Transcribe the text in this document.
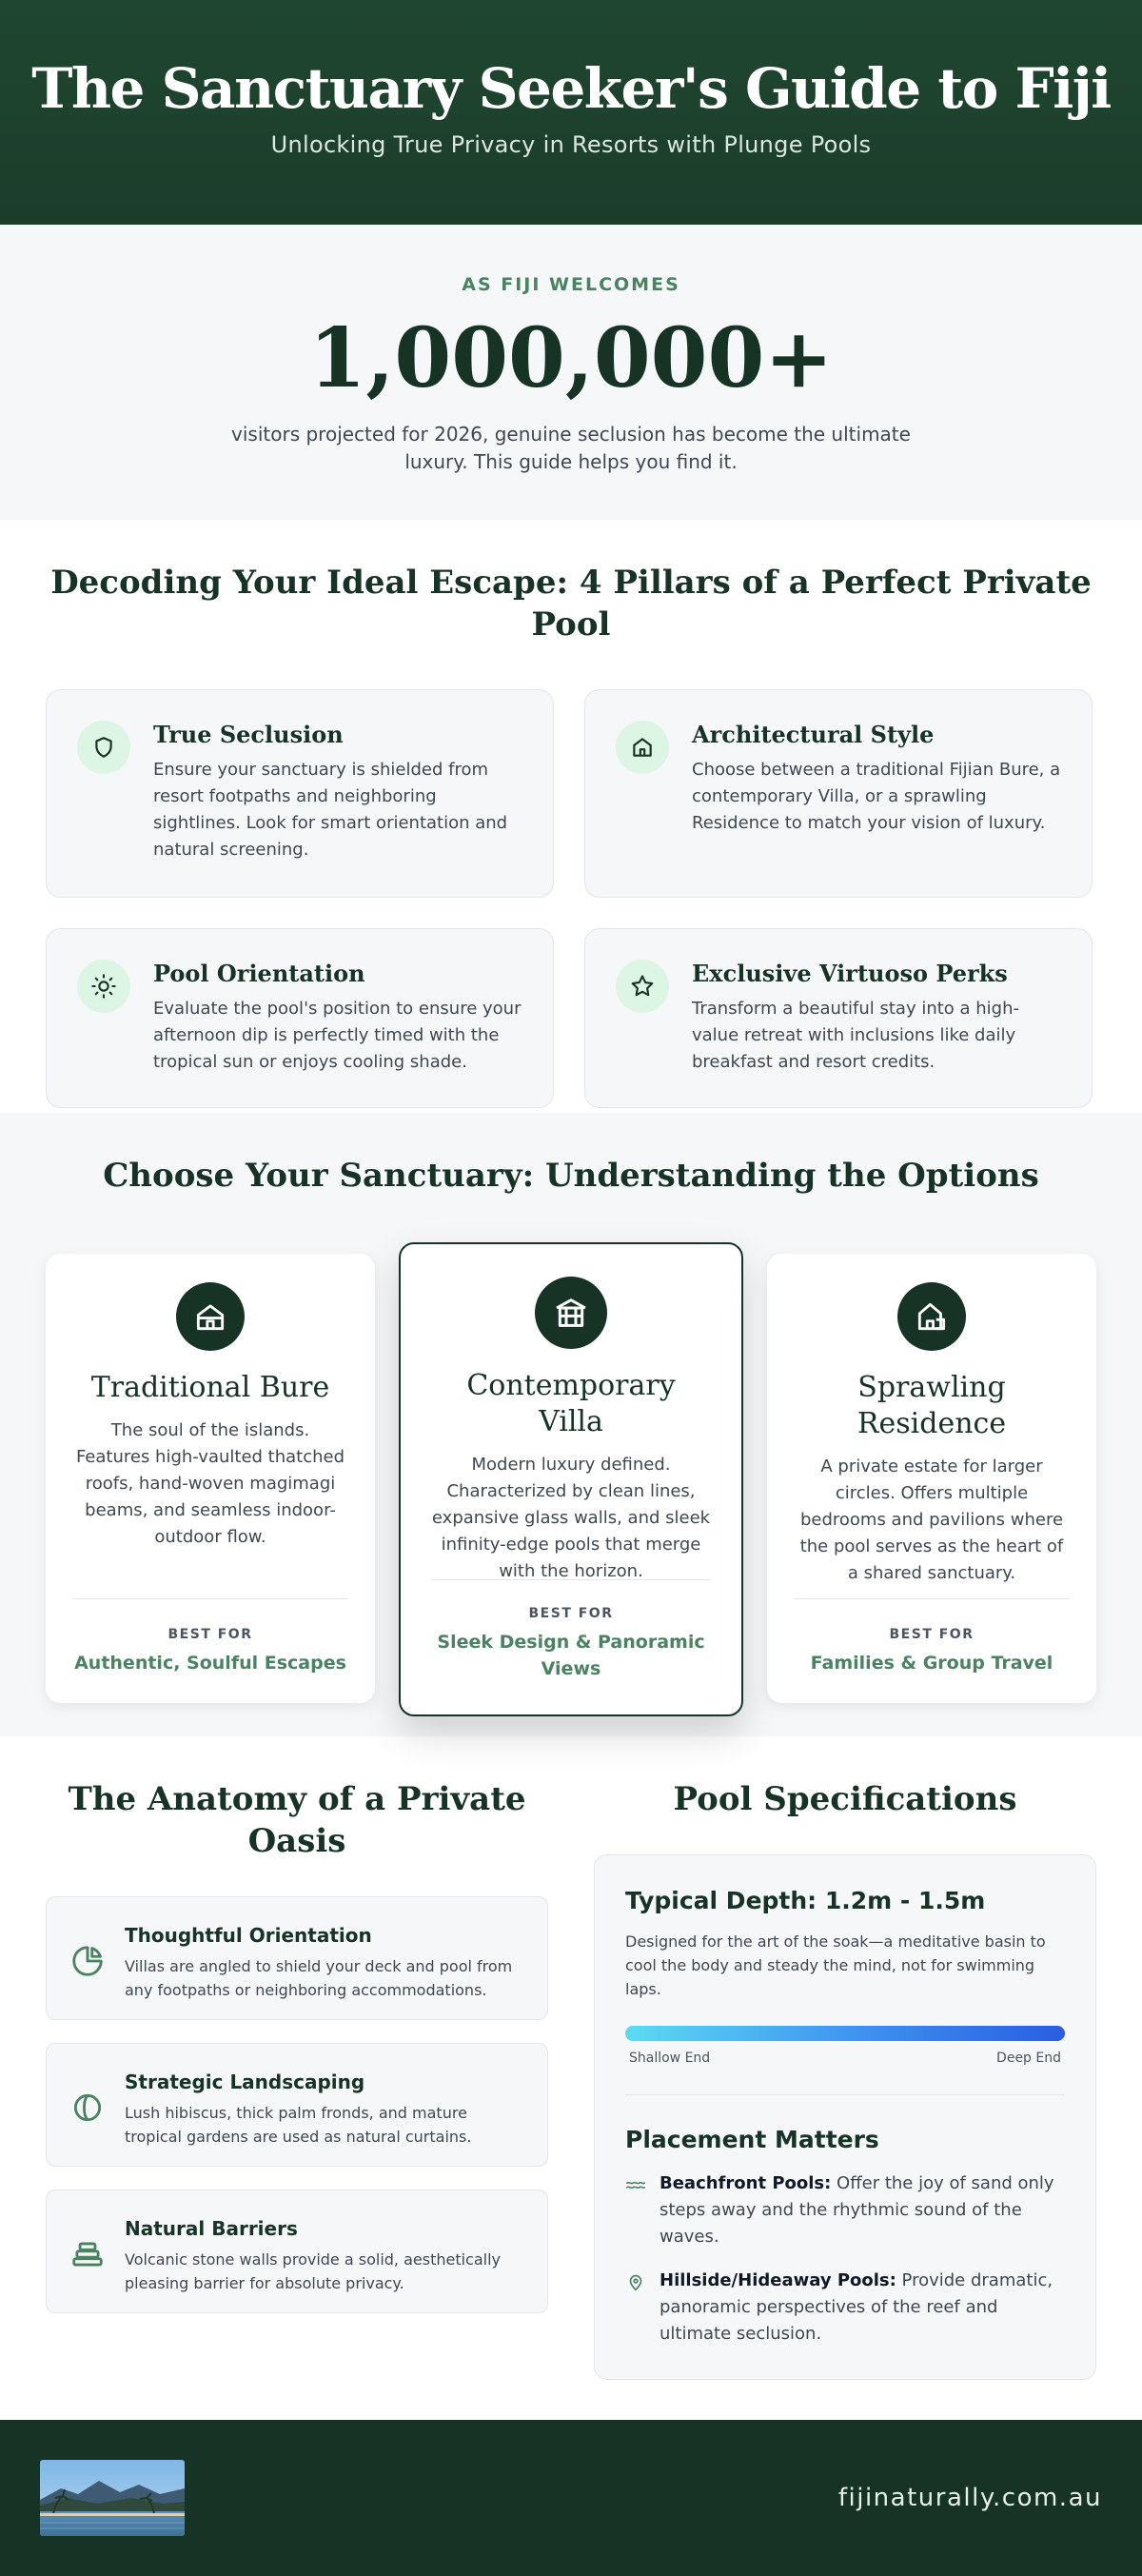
The Sanctuary Seeker's Guide to Fiji
Unlocking True Privacy in Resorts with Plunge Pools
AS FIJI WELCOMES
1,000,000+
visitors projected for 2026, genuine seclusion has become the ultimate luxury. This guide helps you find it.
Decoding Your Ideal Escape: 4 Pillars of a Perfect Private Pool
True Seclusion

Ensure your sanctuary is shielded from resort footpaths and neighboring sightlines. Look for smart orientation and natural screening.

Architectural Style

Choose between a traditional Fijian Bure, a contemporary Villa, or a sprawling Residence to match your vision of luxury.

Pool Orientation

Evaluate the pool's position to ensure your afternoon dip is perfectly timed with the tropical sun or enjoys cooling shade.

Exclusive Virtuoso Perks

Transform a beautiful stay into a high-value retreat with inclusions like daily breakfast and resort credits.

Choose Your Sanctuary: Understanding the Options
Traditional Bure

The soul of the islands. Features high-vaulted thatched roofs, hand-woven magimagi beams, and seamless indoor-outdoor flow.

BEST FOR
Authentic, Soulful Escapes
Contemporary Villa

Modern luxury defined. Characterized by clean lines, expansive glass walls, and sleek infinity-edge pools that merge with the horizon.

BEST FOR
Sleek Design & Panoramic Views
Sprawling Residence

A private estate for larger circles. Offers multiple bedrooms and pavilions where the pool serves as the heart of a shared sanctuary.

BEST FOR
Families & Group Travel
The Anatomy of a Private Oasis
Thoughtful Orientation

Villas are angled to shield your deck and pool from any footpaths or neighboring accommodations.

Strategic Landscaping

Lush hibiscus, thick palm fronds, and mature tropical gardens are used as natural curtains.

Natural Barriers

Volcanic stone walls provide a solid, aesthetically pleasing barrier for absolute privacy.

Pool Specifications
Typical Depth: 1.2m - 1.5m

Designed for the art of the soak—a meditative basin to cool the body and steady the mind, not for swimming laps.

Shallow End	Deep End
Placement Matters

Beachfront Pools: Offer the joy of sand only steps away and the rhythmic sound of the waves.

Hillside/Hideaway Pools: Provide dramatic, panoramic perspectives of the reef and ultimate seclusion.

fijinaturally.com.au
